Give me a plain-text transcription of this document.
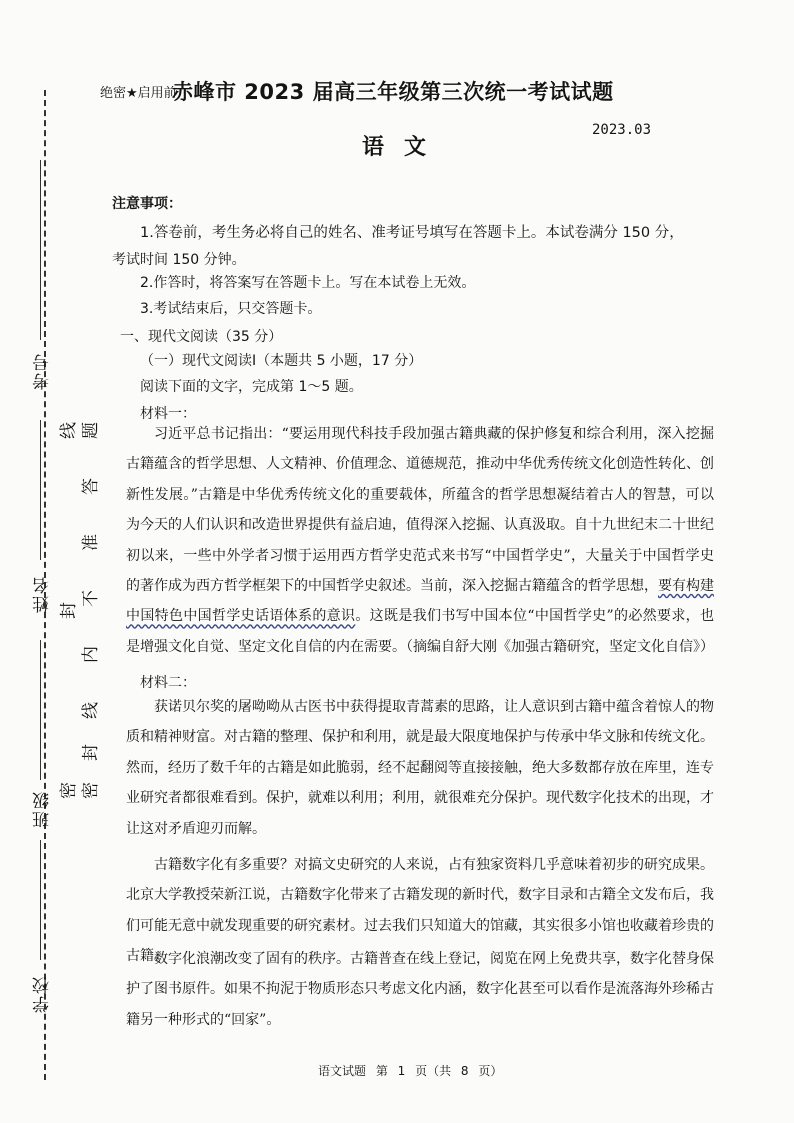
考号
姓名
班级
学校
题
答
准
不
内
线
封
密
线
封
密
绝密★启用前
赤峰市 2023 届高三年级第三次统一考试试题
语文
2023.03
注意事项：
1.答卷前，考生务必将自己的姓名、准考证号填写在答题卡上。本试卷满分 150 分，
考试时间 150 分钟。
2.作答时，将答案写在答题卡上。写在本试卷上无效。
3.考试结束后，只交答题卡。
一、现代文阅读（35 分）
（一）现代文阅读Ⅰ（本题共 5 小题，17 分）
阅读下面的文字，完成第 1～5 题。
材料一：
习近平总书记指出：“要运用现代科技手段加强古籍典藏的保护修复和综合利用，深入挖掘古籍蕴含的哲学思想、人文精神、价值理念、道德规范，推动中华优秀传统文化创造性转化、创新性发展。”古籍是中华优秀传统文化的重要载体，所蕴含的哲学思想凝结着古人的智慧，可以为今天的人们认识和改造世界提供有益启迪，值得深入挖掘、认真汲取。自十九世纪末二十世纪初以来，一些中外学者习惯于运用西方哲学史范式来书写“中国哲学史”，大量关于中国哲学史的著作成为西方哲学框架下的中国哲学史叙述。当前，深入挖掘古籍蕴含的哲学思想，要有构建中国特色中国哲学史话语体系的意识。这既是我们书写中国本位“中国哲学史”的必然要求，也是增强文化自觉、坚定文化自信的内在需要。（摘编自舒大刚《加强古籍研究，坚定文化自信》）
材料二：
获诺贝尔奖的屠呦呦从古医书中获得提取青蒿素的思路，让人意识到古籍中蕴含着惊人的物质和精神财富。对古籍的整理、保护和利用，就是最大限度地保护与传承中华文脉和传统文化。然而，经历了数千年的古籍是如此脆弱，经不起翻阅等直接接触，绝大多数都存放在库里，连专业研究者都很难看到。保护，就难以利用；利用，就很难充分保护。现代数字化技术的出现，才让这对矛盾迎刃而解。
古籍数字化有多重要？对搞文史研究的人来说，占有独家资料几乎意味着初步的研究成果。北京大学教授荣新江说，古籍数字化带来了古籍发现的新时代，数字目录和古籍全文发布后，我们可能无意中就发现重要的研究素材。过去我们只知道大的馆藏，其实很多小馆也收藏着珍贵的古籍。
数字化浪潮改变了固有的秩序。古籍普查在线上登记，阅览在网上免费共享，数字化替身保护了图书原件。如果不拘泥于物质形态只考虑文化内涵，数字化甚至可以看作是流落海外珍稀古籍另一种形式的“回家”。
语文试题 第 1 页（共 8 页）
